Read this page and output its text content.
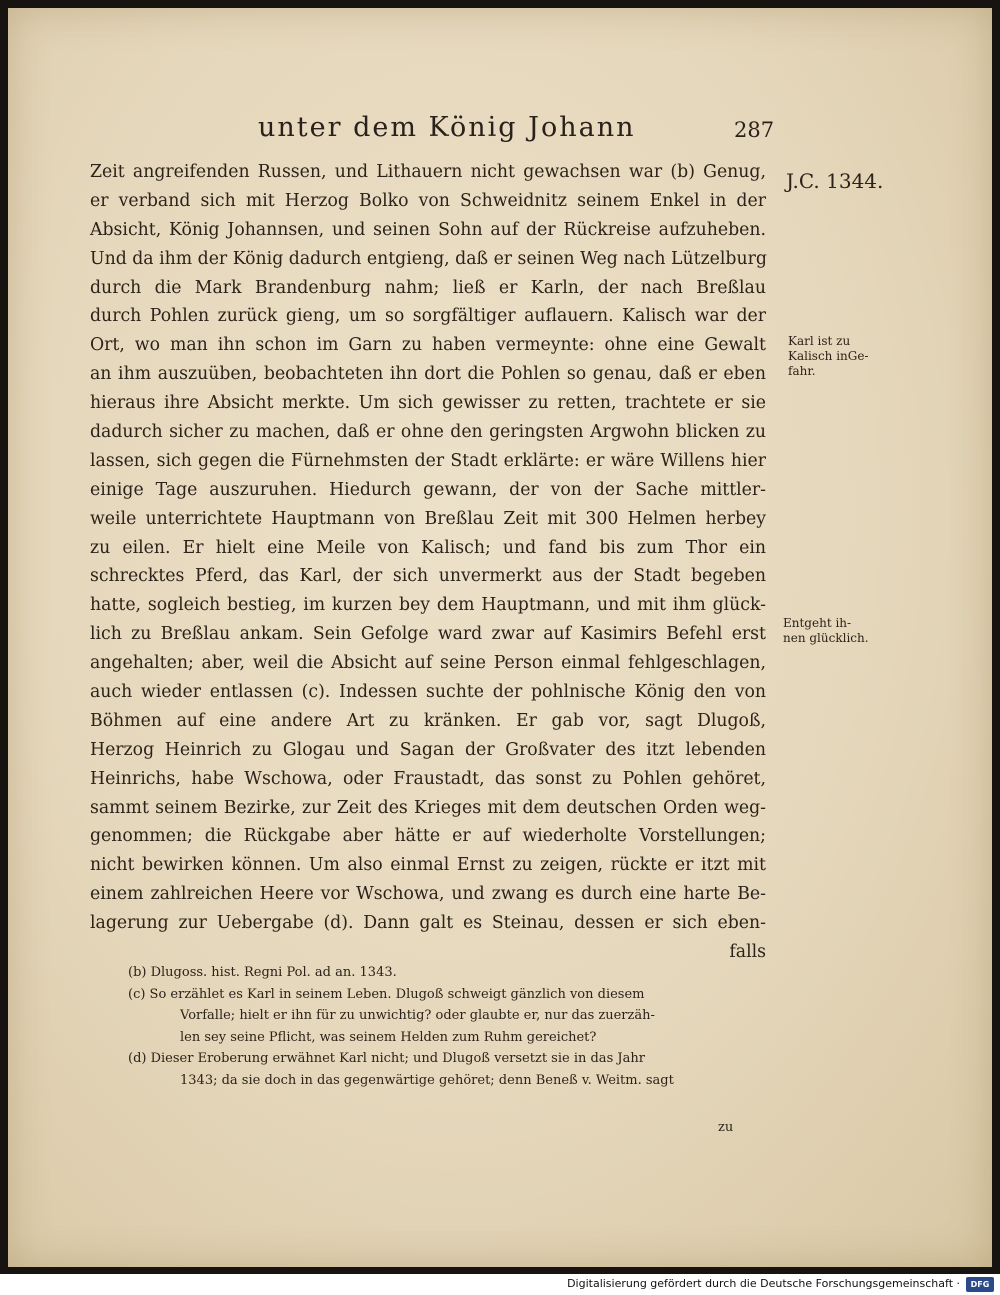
unter dem König Johann	287
Zeit angreifenden Russen, und Lithauern nicht gewachsen war (b) Genug,
er verband sich mit Herzog Bolko von Schweidnitz seinem Enkel in der
Absicht, König Johannsen, und seinen Sohn auf der Rückreise aufzuheben.
Und da ihm der König dadurch entgieng, daß er seinen Weg nach Lützelburg
durch die Mark Brandenburg nahm; ließ er Karln, der nach Breßlau
durch Pohlen zurück gieng, um so sorgfältiger auflauern. Kalisch war der
Ort, wo man ihn schon im Garn zu haben vermeynte: ohne eine Gewalt
an ihm auszuüben, beobachteten ihn dort die Pohlen so genau, daß er eben
hieraus ihre Absicht merkte. Um sich gewisser zu retten, trachtete er sie
dadurch sicher zu machen, daß er ohne den geringsten Argwohn blicken zu
lassen, sich gegen die Fürnehmsten der Stadt erklärte: er wäre Willens hier
einige Tage auszuruhen. Hiedurch gewann, der von der Sache mittler-
weile unterrichtete Hauptmann von Breßlau Zeit mit 300 Helmen herbey
zu eilen. Er hielt eine Meile von Kalisch; und fand bis zum Thor ein
schrecktes Pferd, das Karl, der sich unvermerkt aus der Stadt begeben
hatte, sogleich bestieg, im kurzen bey dem Hauptmann, und mit ihm glück-
lich zu Breßlau ankam. Sein Gefolge ward zwar auf Kasimirs Befehl erst
angehalten; aber, weil die Absicht auf seine Person einmal fehlgeschlagen,
auch wieder entlassen (c). Indessen suchte der pohlnische König den von
Böhmen auf eine andere Art zu kränken. Er gab vor, sagt Dlugoß,
Herzog Heinrich zu Glogau und Sagan der Großvater des itzt lebenden
Heinrichs, habe Wschowa, oder Fraustadt, das sonst zu Pohlen gehöret,
sammt seinem Bezirke, zur Zeit des Krieges mit dem deutschen Orden weg-
genommen; die Rückgabe aber hätte er auf wiederholte Vorstellungen;
nicht bewirken können. Um also einmal Ernst zu zeigen, rückte er itzt mit
einem zahlreichen Heere vor Wschowa, und zwang es durch eine harte Be-
lagerung zur Uebergabe (d). Dann galt es Steinau, dessen er sich eben-
falls
J.C. 1344.
Karl ist zu
Kalisch inGe-
fahr.
Entgeht ih-
nen glücklich.
(b) Dlugoss. hist. Regni Pol. ad an. 1343.
(c) So erzählet es Karl in seinem Leben. Dlugoß schweigt gänzlich von diesem
Vorfalle; hielt er ihn für zu unwichtig? oder glaubte er, nur das zuerzäh-
len sey seine Pflicht, was seinem Helden zum Ruhm gereichet?
(d) Dieser Eroberung erwähnet Karl nicht; und Dlugoß versetzt sie in das Jahr
1343; da sie doch in das gegenwärtige gehöret; denn Beneß v. Weitm. sagt
zu
Digitalisierung gefördert durch die Deutsche Forschungsgemeinschaft ·	DFG
